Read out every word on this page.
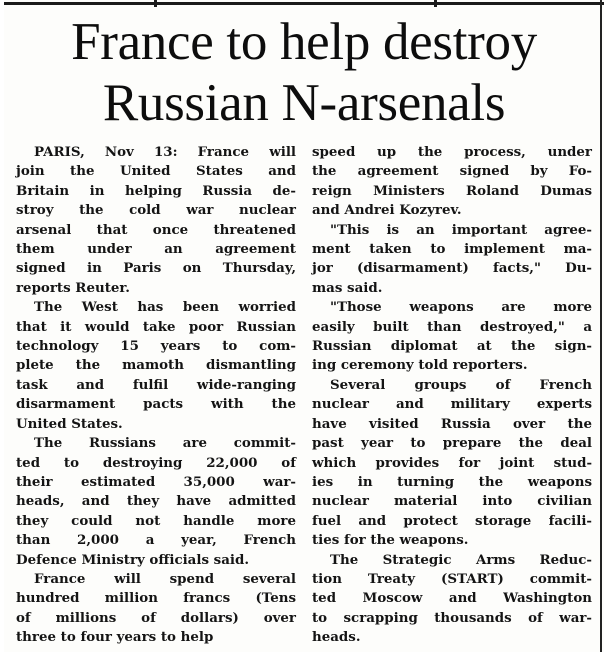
France to help destroy
Russian N-arsenals
PARIS, Nov 13: France will
join the United States and
Britain in helping Russia de-
stroy the cold war nuclear
arsenal that once threatened
them under an agreement
signed in Paris on Thursday,
reports Reuter.
The West has been worried
that it would take poor Russian
technology 15 years to com-
plete the mamoth dismantling
task and fulfil wide-ranging
disarmament pacts with the
United States.
The Russians are commit-
ted to destroying 22,000 of
their estimated 35,000 war-
heads, and they have admitted
they could not handle more
than 2,000 a year, French
Defence Ministry officials said.
France will spend several
hundred million francs (Tens
of millions of dollars) over
three to four years to help
speed up the process, under
the agreement signed by Fo-
reign Ministers Roland Dumas
and Andrei Kozyrev.
"This is an important agree-
ment taken to implement ma-
jor (disarmament) facts," Du-
mas said.
"Those weapons are more
easily built than destroyed," a
Russian diplomat at the sign-
ing ceremony told reporters.
Several groups of French
nuclear and military experts
have visited Russia over the
past year to prepare the deal
which provides for joint stud-
ies in turning the weapons
nuclear material into civilian
fuel and protect storage facili-
ties for the weapons.
The Strategic Arms Reduc-
tion Treaty (START) commit-
ted Moscow and Washington
to scrapping thousands of war-
heads.
